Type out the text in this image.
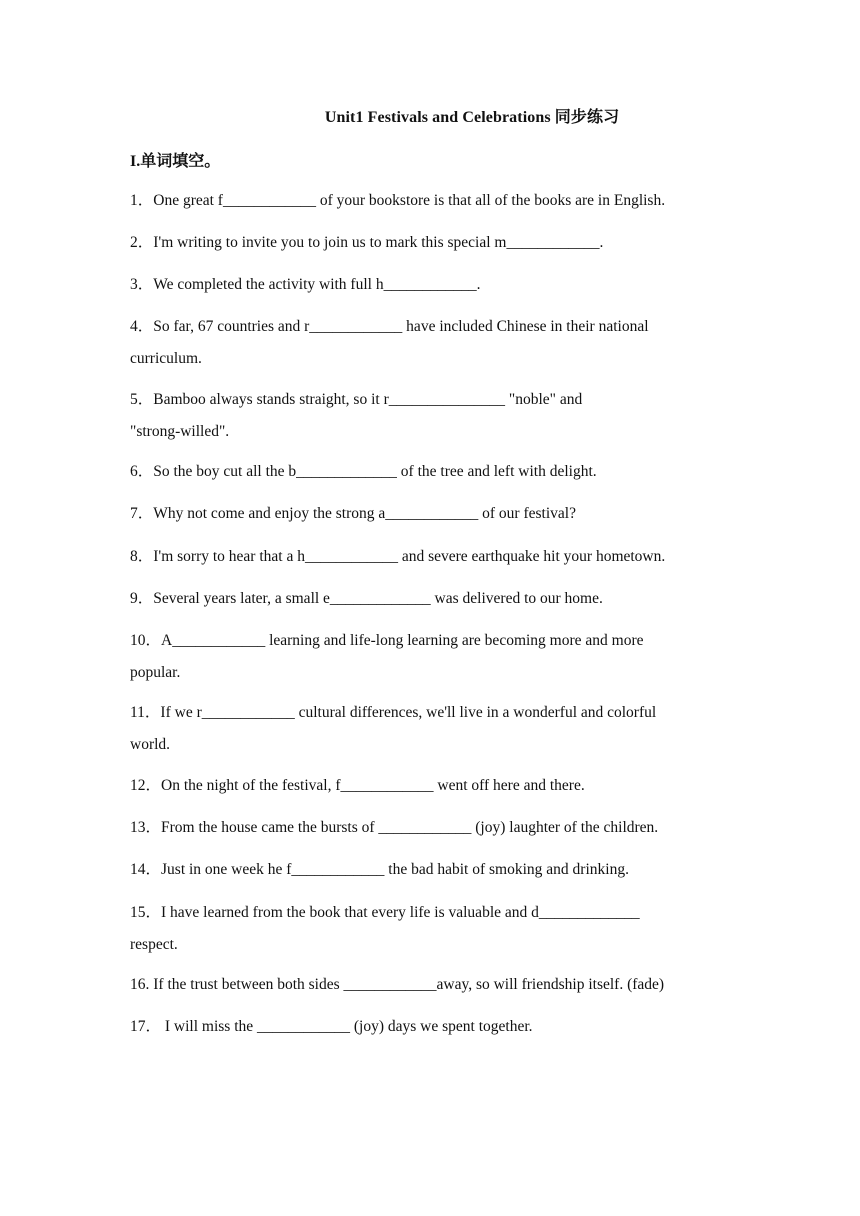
Unit1 Festivals and Celebrations 同步练习
I.单词填空。
1．One great f____________ of your bookstore is that all of the books are in English.
2．I'm writing to invite you to join us to mark this special m____________.
3．We completed the activity with full h____________.
4．So far, 67 countries and r____________ have included Chinese in their national
curriculum.
5．Bamboo always stands straight, so it r_______________ "noble" and
"strong-willed".
6．So the boy cut all the b_____________ of the tree and left with delight.
7．Why not come and enjoy the strong a____________ of our festival?
8．I'm sorry to hear that a h____________ and severe earthquake hit your hometown.
9．Several years later, a small e_____________ was delivered to our home.
10．A____________ learning and life-long learning are becoming more and more
popular.
11．If we r____________ cultural differences, we'll live in a wonderful and colorful
world.
12．On the night of the festival, f____________ went off here and there.
13．From the house came the bursts of ____________ (joy) laughter of the children.
14．Just in one week he f____________ the bad habit of smoking and drinking.
15．I have learned from the book that every life is valuable and d_____________
respect.
16. If the trust between both sides ____________away, so will friendship itself. (fade)
17． I will miss the ____________ (joy) days we spent together.
